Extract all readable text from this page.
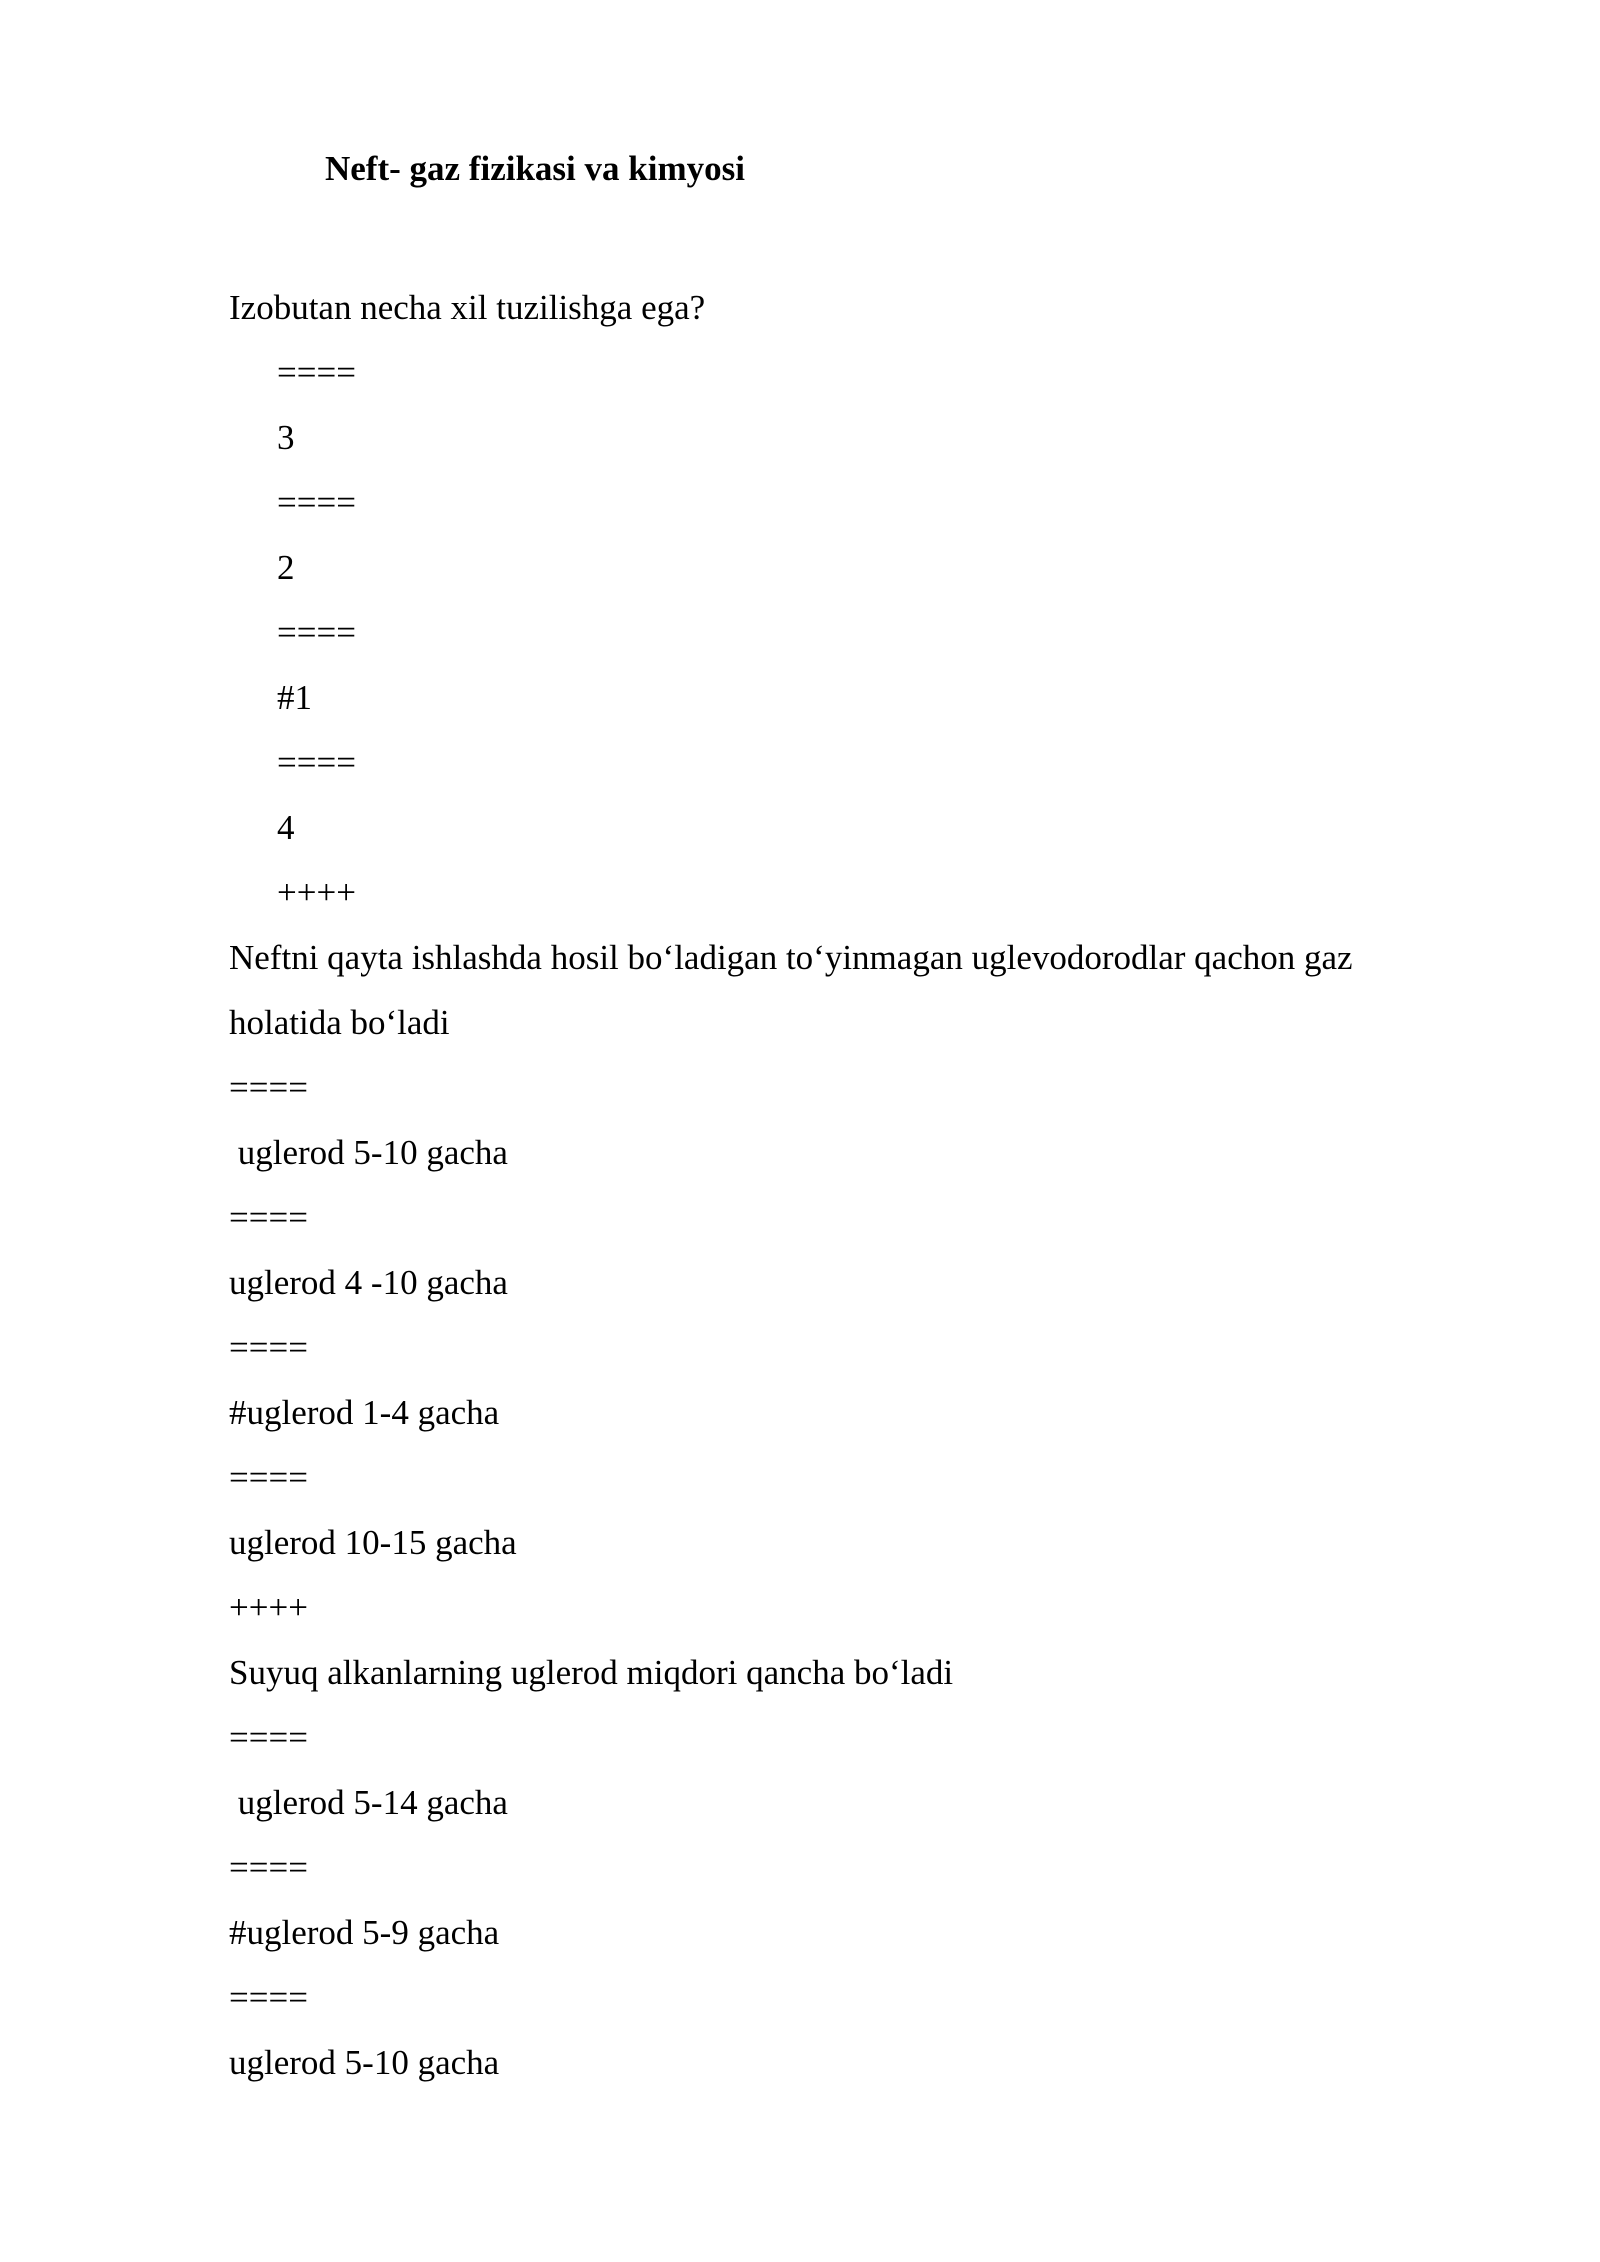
Neft- gaz fizikasi va kimyosi

Izobutan necha xil tuzilishga ega?

====

3

====

2

====

#1

====

4

++++

Neftni qayta ishlashda hosil bo‘ladigan to‘yinmagan uglevodorodlar qachon gaz

holatida bo‘ladi

====

uglerod 5-10 gacha

====

uglerod 4 -10 gacha

====

#uglerod 1-4 gacha

====

uglerod 10-15 gacha

++++

Suyuq alkanlarning uglerod miqdori qancha bo‘ladi

====

uglerod 5-14 gacha

====

#uglerod 5-9 gacha

====

uglerod 5-10 gacha
